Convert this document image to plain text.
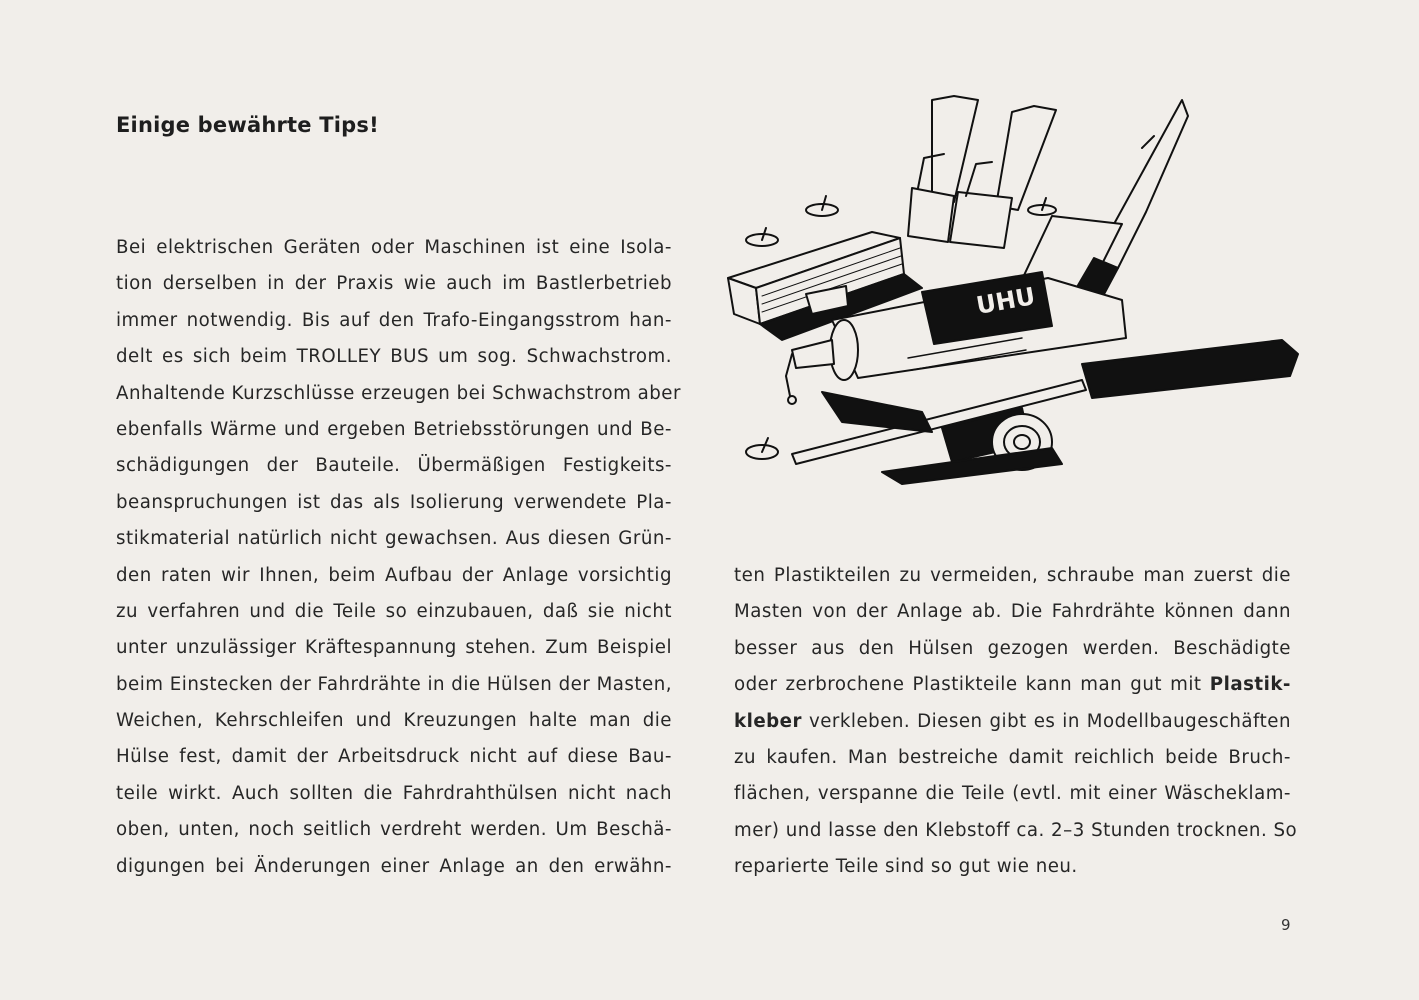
Einige bewährte Tips!
Bei elektrischen Geräten oder Maschinen ist eine Isola-
tion derselben in der Praxis wie auch im Bastlerbetrieb
immer notwendig. Bis auf den Trafo-Eingangsstrom han-
delt es sich beim TROLLEY BUS um sog. Schwachstrom.
Anhaltende Kurzschlüsse erzeugen bei Schwachstrom aber
ebenfalls Wärme und ergeben Betriebsstörungen und Be-
schädigungen der Bauteile. Übermäßigen Festigkeits-
beanspruchungen ist das als Isolierung verwendete Pla-
stikmaterial natürlich nicht gewachsen. Aus diesen Grün-
den raten wir Ihnen, beim Aufbau der Anlage vorsichtig
zu verfahren und die Teile so einzubauen, daß sie nicht
unter unzulässiger Kräftespannung stehen. Zum Beispiel
beim Einstecken der Fahrdrähte in die Hülsen der Masten,
Weichen, Kehrschleifen und Kreuzungen halte man die
Hülse fest, damit der Arbeitsdruck nicht auf diese Bau-
teile wirkt. Auch sollten die Fahrdrahthülsen nicht nach
oben, unten, noch seitlich verdreht werden. Um Beschä-
digungen bei Änderungen einer Anlage an den erwähn-
UHU
ten Plastikteilen zu vermeiden, schraube man zuerst die
Masten von der Anlage ab. Die Fahrdrähte können dann
besser aus den Hülsen gezogen werden. Beschädigte
oder zerbrochene Plastikteile kann man gut mit Plastik-
kleber verkleben. Diesen gibt es in Modellbaugeschäften
zu kaufen. Man bestreiche damit reichlich beide Bruch-
flächen, verspanne die Teile (evtl. mit einer Wäscheklam-
mer) und lasse den Klebstoff ca. 2–3 Stunden trocknen. So
reparierte Teile sind so gut wie neu.
9
